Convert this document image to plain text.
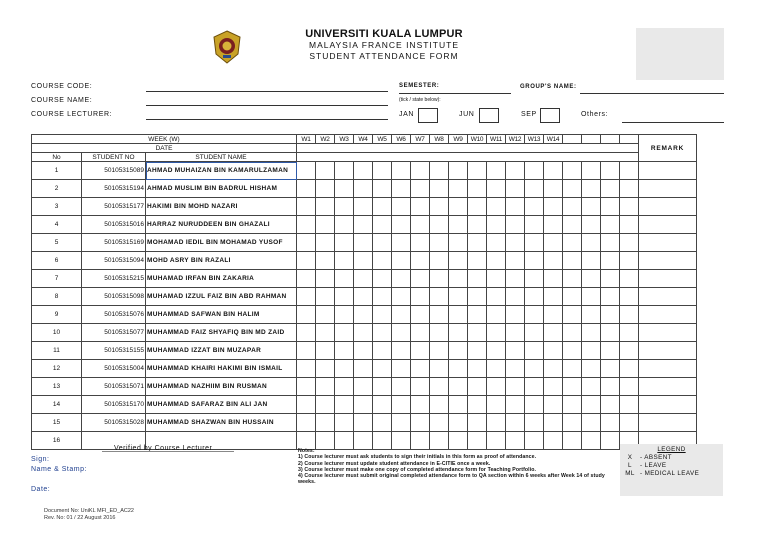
UNIVERSITI KUALA LUMPUR
MALAYSIA FRANCE INSTITUTE
STUDENT ATTENDANCE FORM
COURSE CODE:
COURSE NAME:
COURSE LECTURER:
SEMESTER:
(tick / state below):
GROUP'S NAME:
JAN	JUN	SEP	Others:
WEEK (W)			W1	W2	W3	W4	W5	W6	W7	W8	W9	W10	W11	W12	W13	W14					REMARK
DATE																					
No	STUDENT NO	STUDENT NAME																			
1	50105315089	AHMAD MUHAIZAN BIN KAMARULZAMAN																			
2	50105315194	AHMAD MUSLIM BIN BADRUL HISHAM																			
3	50105315177	HAKIMI BIN MOHD NAZARI																			
4	50105315016	HARRAZ NURUDDEEN BIN GHAZALI																			
5	50105315169	MOHAMAD IEDIL BIN MOHAMAD YUSOF																			
6	50105315094	MOHD ASRY BIN RAZALI																			
7	50105315215	MUHAMAD IRFAN BIN ZAKARIA																			
8	50105315098	MUHAMAD IZZUL FAIZ BIN ABD RAHMAN																			
9	50105315076	MUHAMMAD SAFWAN BIN HALIM																			
10	50105315077	MUHAMMAD FAIZ SHYAFIQ BIN MD ZAID																			
11	50105315155	MUHAMMAD IZZAT BIN MUZAPAR																			
12	50105315004	MUHAMMAD KHAIRI HAKIMI BIN ISMAIL																			
13	50105315071	MUHAMMAD NAZHIIM BIN RUSMAN																			
14	50105315170	MUHAMMAD SAFARAZ BIN ALI JAN																			
15	50105315028	MUHAMMAD SHAZWAN BIN HUSSAIN																			
16																					
Verified by Course Lecturer
Sign:
Name & Stamp:
Date:
Notes:
1) Course lecturer must ask students to sign their initials in this form as proof of attendance.
2) Course lecturer must update student attendance in E-CITIE once a week.
3) Course lecturer must make one copy of completed attendance form for Teaching Portfolio.
4) Course lecturer must submit original completed attendance form to QA section within 6 weeks after Week 14 of study weeks.
LEGEND
X	- ABSENT
L	- LEAVE
ML - MEDICAL LEAVE
Document No: UniKL MFI_ED_AC22
Rev. No: 01 / 22 August 2016
